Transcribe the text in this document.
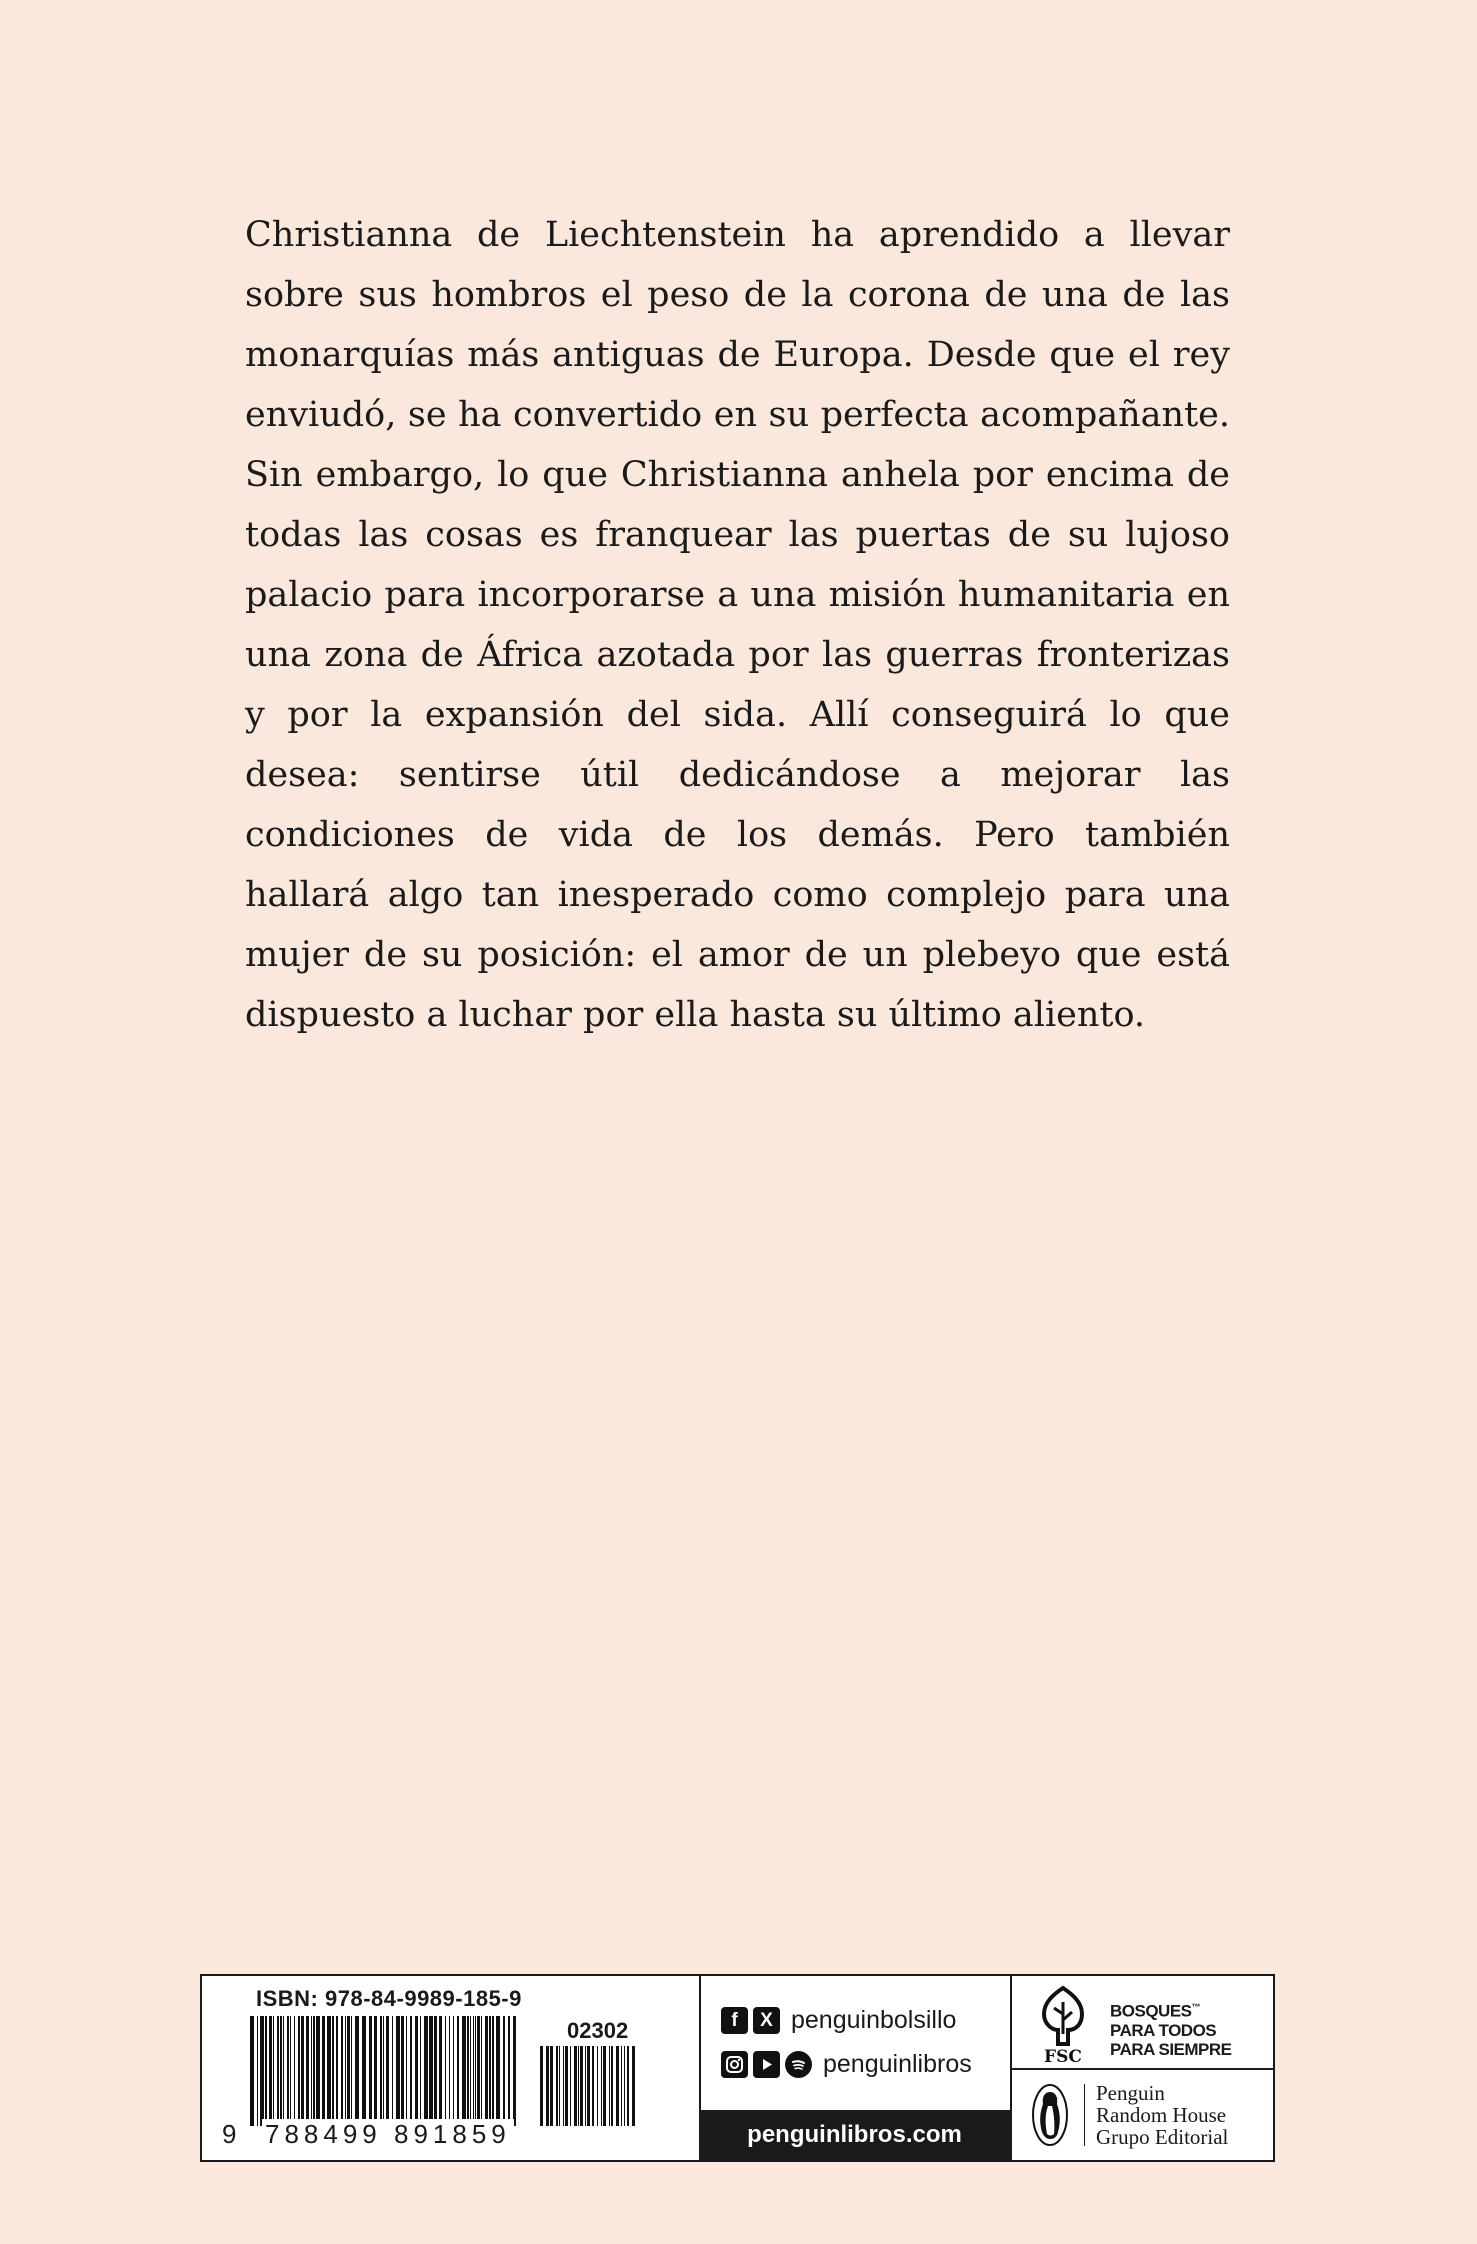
Christianna de Liechtenstein ha aprendido a llevar sobre sus hombros el peso de la corona de una de las monarquías más antiguas de Europa. Desde que el rey enviudó, se ha convertido en su perfecta acompañante. Sin embargo, lo que Christianna anhela por encima de todas las cosas es franquear las puertas de su lujoso palacio para incorporarse a una misión humanitaria en una zona de África azotada por las guerras fronterizas y por la expansión del sida. Allí conseguirá lo que desea: sentirse útil dedicándose a mejorar las condiciones de vida de los demás. Pero también hallará algo tan inesperado como complejo para una mujer de su posición: el amor de un plebeyo que está dispuesto a luchar por ella hasta su último aliento.

ISBN: 978-84-9989-185-9
02302
9 788499 891859
f	X penguinbolsillo
penguinlibros
penguinlibros.com
FSC
BOSQUES™
PARA TODOS
PARA SIEMPRE
Penguin
Random House
Grupo Editorial
